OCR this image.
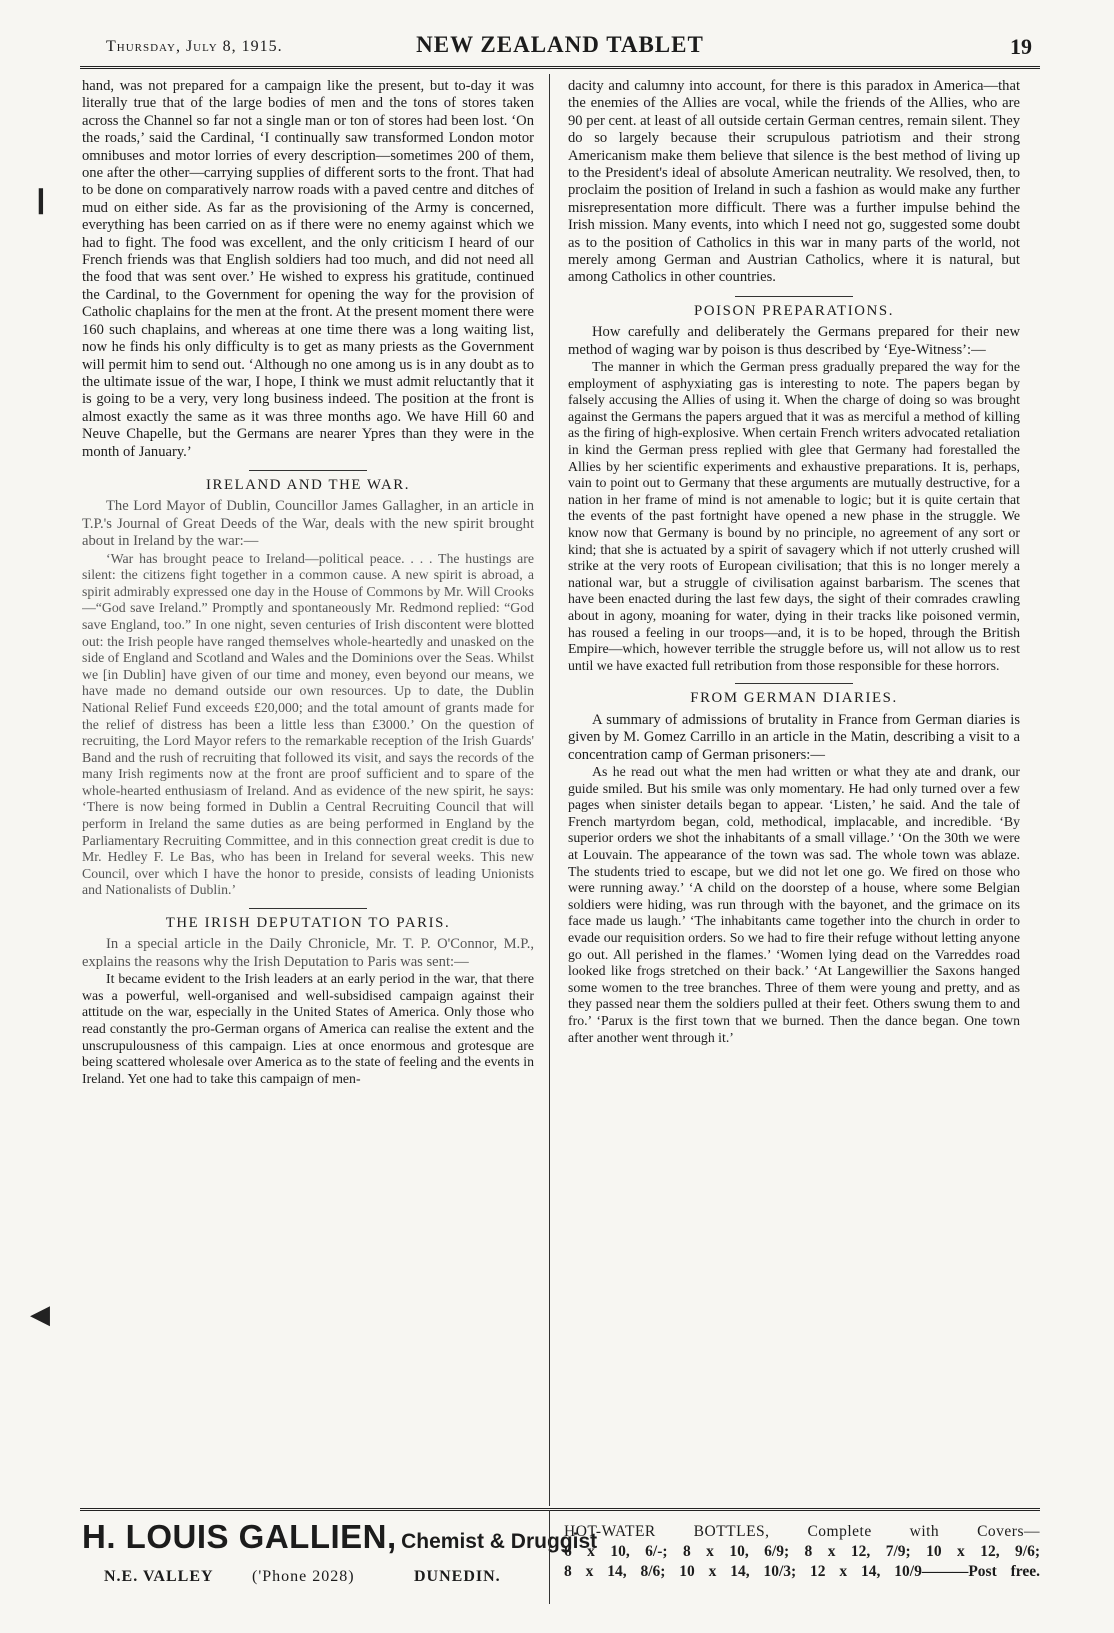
Thursday, July 8, 1915.	NEW ZEALAND TABLET	19

hand, was not prepared for a campaign like the present, but to-day it was literally true that of the large bodies of men and the tons of stores taken across the Channel so far not a single man or ton of stores had been lost. ‘On the roads,’ said the Cardinal, ‘I continually saw transformed London motor omnibuses and motor lorries of every description—sometimes 200 of them, one after the other—carrying supplies of different sorts to the front. That had to be done on comparatively narrow roads with a paved centre and ditches of mud on either side. As far as the provisioning of the Army is concerned, everything has been carried on as if there were no enemy against which we had to fight. The food was excellent, and the only criticism I heard of our French friends was that English soldiers had too much, and did not need all the food that was sent over.’ He wished to express his gratitude, continued the Cardinal, to the Government for opening the way for the provision of Catholic chaplains for the men at the front. At the present moment there were 160 such chaplains, and whereas at one time there was a long waiting list, now he finds his only difficulty is to get as many priests as the Government will permit him to send out. ‘Although no one among us is in any doubt as to the ultimate issue of the war, I hope, I think we must admit reluctantly that it is going to be a very, very long business indeed. The position at the front is almost exactly the same as it was three months ago. We have Hill 60 and Neuve Chapelle, but the Germans are nearer Ypres than they were in the month of January.’

IRELAND AND THE WAR.

The Lord Mayor of Dublin, Councillor James Gallagher, in an article in T.P.'s Journal of Great Deeds of the War, deals with the new spirit brought about in Ireland by the war:—

‘War has brought peace to Ireland—political peace. . . . The hustings are silent: the citizens fight together in a common cause. A new spirit is abroad, a spirit admirably expressed one day in the House of Commons by Mr. Will Crooks—“God save Ireland.” Promptly and spontaneously Mr. Redmond replied: “God save England, too.” In one night, seven centuries of Irish discontent were blotted out: the Irish people have ranged themselves whole-heartedly and unasked on the side of England and Scotland and Wales and the Dominions over the Seas. Whilst we [in Dublin] have given of our time and money, even beyond our means, we have made no demand outside our own resources. Up to date, the Dublin National Relief Fund exceeds £20,000; and the total amount of grants made for the relief of distress has been a little less than £3000.’ On the question of recruiting, the Lord Mayor refers to the remarkable reception of the Irish Guards' Band and the rush of recruiting that followed its visit, and says the records of the many Irish regiments now at the front are proof sufficient and to spare of the whole-hearted enthusiasm of Ireland. And as evidence of the new spirit, he says: ‘There is now being formed in Dublin a Central Recruiting Council that will perform in Ireland the same duties as are being performed in England by the Parliamentary Recruiting Committee, and in this connection great credit is due to Mr. Hedley F. Le Bas, who has been in Ireland for several weeks. This new Council, over which I have the honor to preside, consists of leading Unionists and Nationalists of Dublin.’

THE IRISH DEPUTATION TO PARIS.

In a special article in the Daily Chronicle, Mr. T. P. O'Connor, M.P., explains the reasons why the Irish Deputation to Paris was sent:—

It became evident to the Irish leaders at an early period in the war, that there was a powerful, well-organised and well-subsidised campaign against their attitude on the war, especially in the United States of America. Only those who read constantly the pro-German organs of America can realise the extent and the unscrupulousness of this campaign. Lies at once enormous and grotesque are being scattered wholesale over America as to the state of feeling and the events in Ireland. Yet one had to take this campaign of men-

dacity and calumny into account, for there is this paradox in America—that the enemies of the Allies are vocal, while the friends of the Allies, who are 90 per cent. at least of all outside certain German centres, remain silent. They do so largely because their scrupulous patriotism and their strong Americanism make them believe that silence is the best method of living up to the President's ideal of absolute American neutrality. We resolved, then, to proclaim the position of Ireland in such a fashion as would make any further misrepresentation more difficult. There was a further impulse behind the Irish mission. Many events, into which I need not go, suggested some doubt as to the position of Catholics in this war in many parts of the world, not merely among German and Austrian Catholics, where it is natural, but among Catholics in other countries.

POISON PREPARATIONS.

How carefully and deliberately the Germans prepared for their new method of waging war by poison is thus described by ‘Eye-Witness’:—

The manner in which the German press gradually prepared the way for the employment of asphyxiating gas is interesting to note. The papers began by falsely accusing the Allies of using it. When the charge of doing so was brought against the Germans the papers argued that it was as merciful a method of killing as the firing of high-explosive. When certain French writers advocated retaliation in kind the German press replied with glee that Germany had forestalled the Allies by her scientific experiments and exhaustive preparations. It is, perhaps, vain to point out to Germany that these arguments are mutually destructive, for a nation in her frame of mind is not amenable to logic; but it is quite certain that the events of the past fortnight have opened a new phase in the struggle. We know now that Germany is bound by no principle, no agreement of any sort or kind; that she is actuated by a spirit of savagery which if not utterly crushed will strike at the very roots of European civilisation; that this is no longer merely a national war, but a struggle of civilisation against barbarism. The scenes that have been enacted during the last few days, the sight of their comrades crawling about in agony, moaning for water, dying in their tracks like poisoned vermin, has roused a feeling in our troops—and, it is to be hoped, through the British Empire—which, however terrible the struggle before us, will not allow us to rest until we have exacted full retribution from those responsible for these horrors.

FROM GERMAN DIARIES.

A summary of admissions of brutality in France from German diaries is given by M. Gomez Carrillo in an article in the Matin, describing a visit to a concentration camp of German prisoners:—

As he read out what the men had written or what they ate and drank, our guide smiled. But his smile was only momentary. He had only turned over a few pages when sinister details began to appear. ‘Listen,’ he said. And the tale of French martyrdom began, cold, methodical, implacable, and incredible. ‘By superior orders we shot the inhabitants of a small village.’ ‘On the 30th we were at Louvain. The appearance of the town was sad. The whole town was ablaze. The students tried to escape, but we did not let one go. We fired on those who were running away.’ ‘A child on the doorstep of a house, where some Belgian soldiers were hiding, was run through with the bayonet, and the grimace on its face made us laugh.’ ‘The inhabitants came together into the church in order to evade our requisition orders. So we had to fire their refuge without letting anyone go out. All perished in the flames.’ ‘Women lying dead on the Varreddes road looked like frogs stretched on their back.’ ‘At Langewillier the Saxons hanged some women to the tree branches. Three of them were young and pretty, and as they passed near them the soldiers pulled at their feet. Others swung them to and fro.’ ‘Parux is the first town that we burned. Then the dance began. One town after another went through it.’

H. LOUIS GALLIEN, Chemist & Druggist
N.E. VALLEY ('Phone 2028)	DUNEDIN.
HOT-WATER BOTTLES, Complete with Covers—
6 x 10, 6/-; 8 x 10, 6/9; 8 x 12, 7/9; 10 x 12, 9/6;
8 x 14, 8/6; 10 x 14, 10/3; 12 x 14, 10/9———Post free.
❙
◀
